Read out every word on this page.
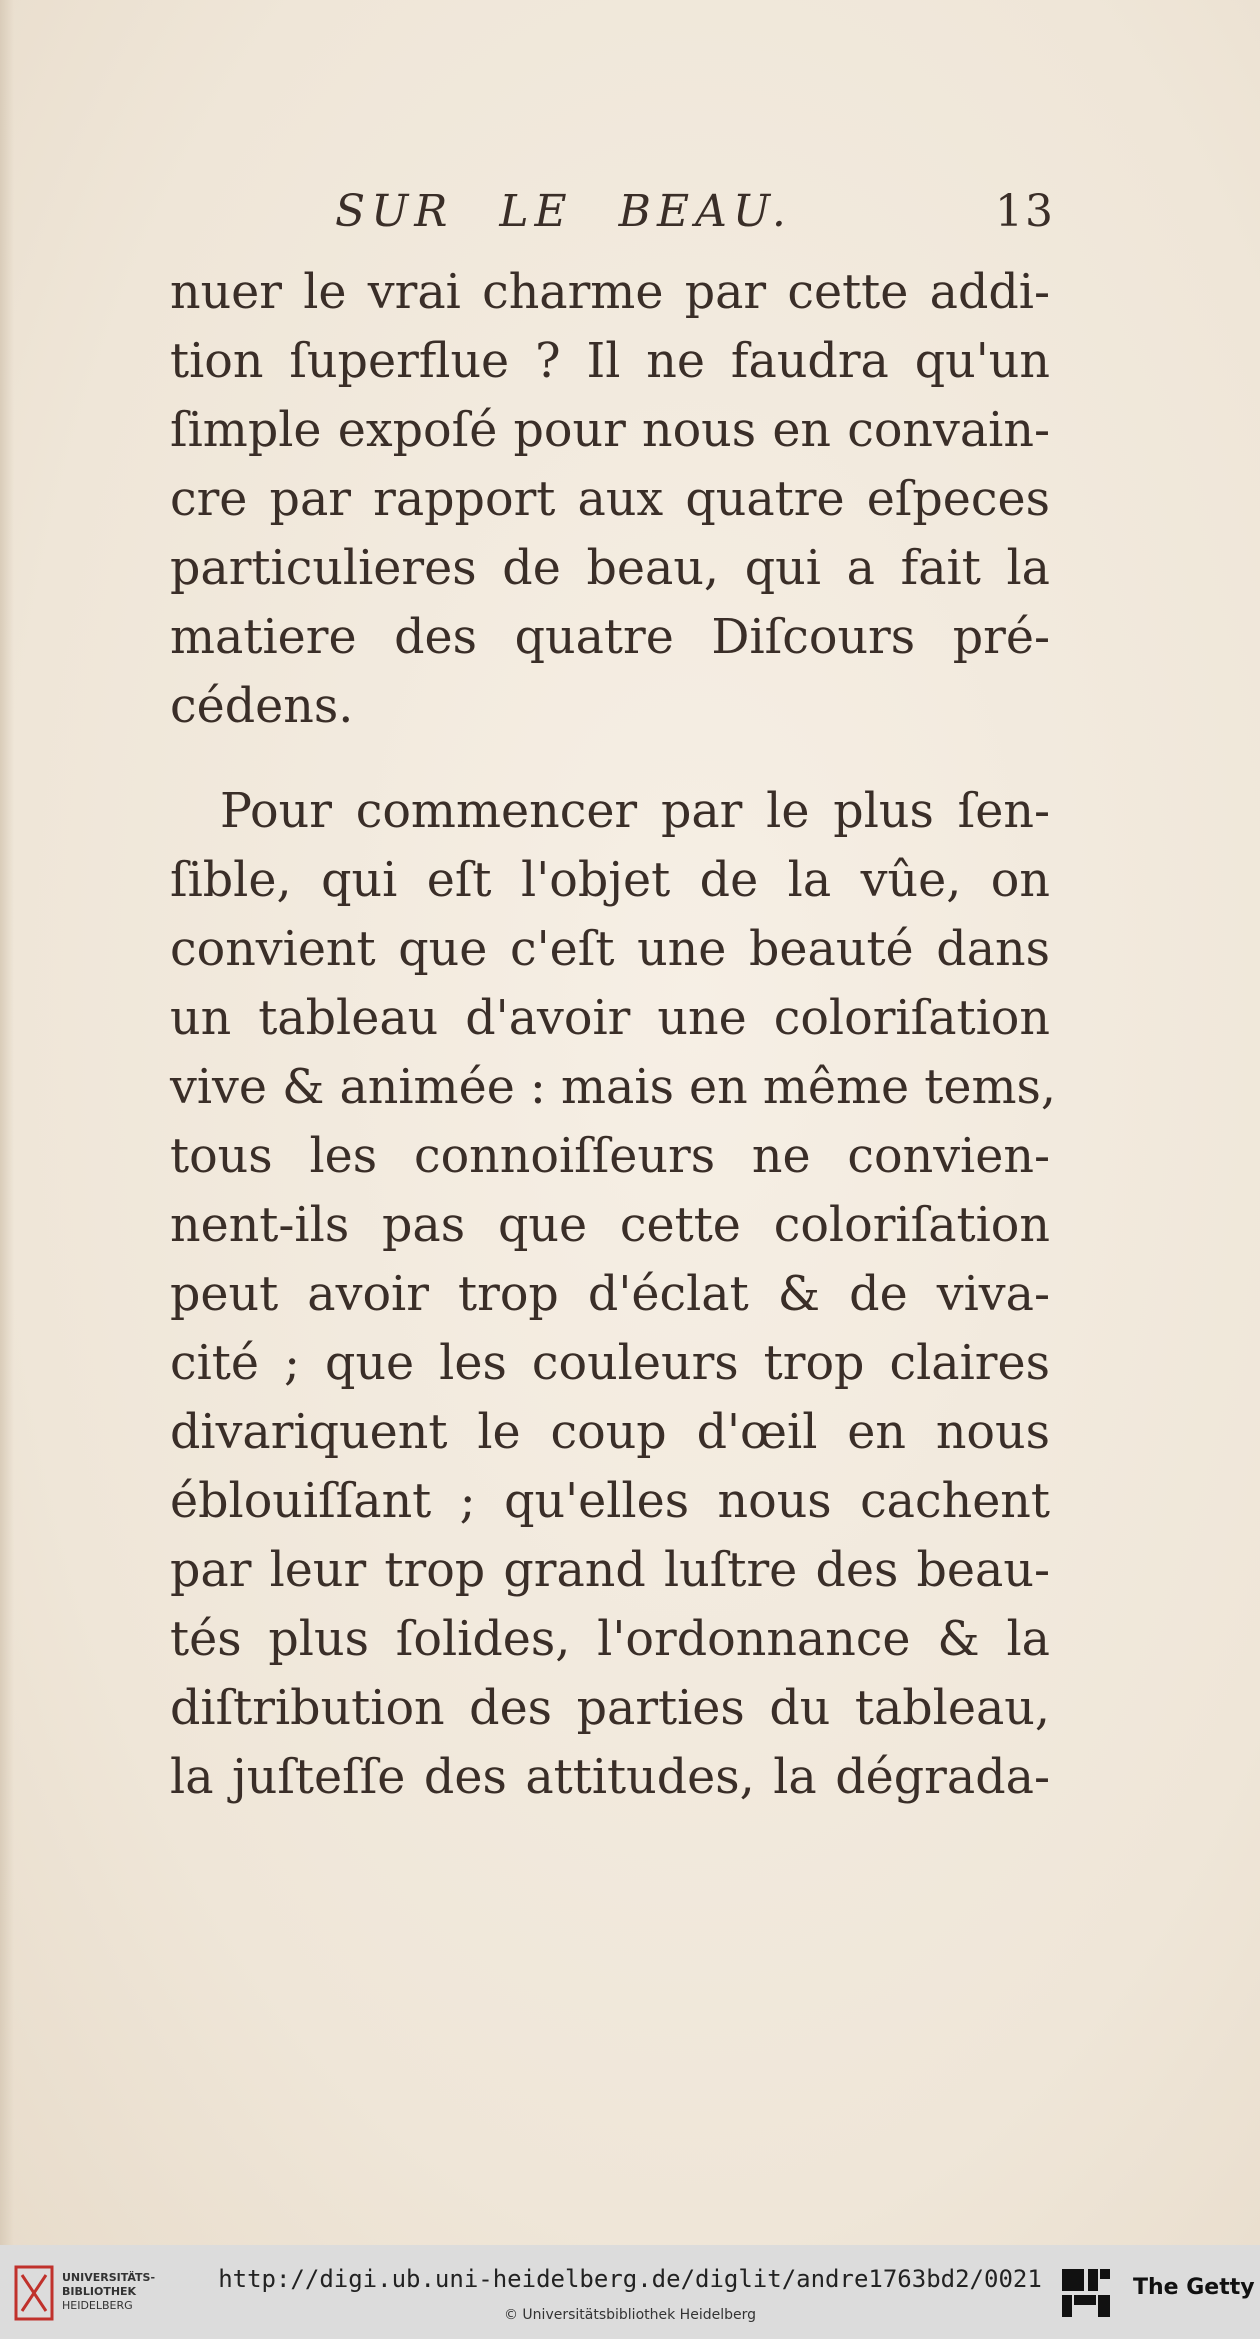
SUR LE BEAU.	13
nuer le vrai charme par cette addi-
tion ſuperflue ? Il ne faudra qu'un
ſimple expoſé pour nous en convain-
cre par rapport aux quatre eſpeces
particulieres de beau, qui a fait la
matiere des quatre Diſcours pré-
cédens.
Pour commencer par le plus ſen-
ſible, qui eſt l'objet de la vûe, on
convient que c'eſt une beauté dans
un tableau d'avoir une coloriſation
vive & animée : mais en même tems,
tous les connoiſſeurs ne convien-
nent-ils pas que cette coloriſation
peut avoir trop d'éclat & de viva-
cité ; que les couleurs trop claires
divariquent le coup d'œil en nous
éblouiſſant ; qu'elles nous cachent
par leur trop grand luſtre des beau-
tés plus ſolides, l'ordonnance & la
diſtribution des parties du tableau,
la juſteſſe des attitudes, la dégrada-
UNIVERSITÄTS-
BIBLIOTHEK
HEIDELBERG
http://digi.ub.uni-heidelberg.de/diglit/andre1763bd2/0021
© Universitätsbibliothek Heidelberg
The Getty
